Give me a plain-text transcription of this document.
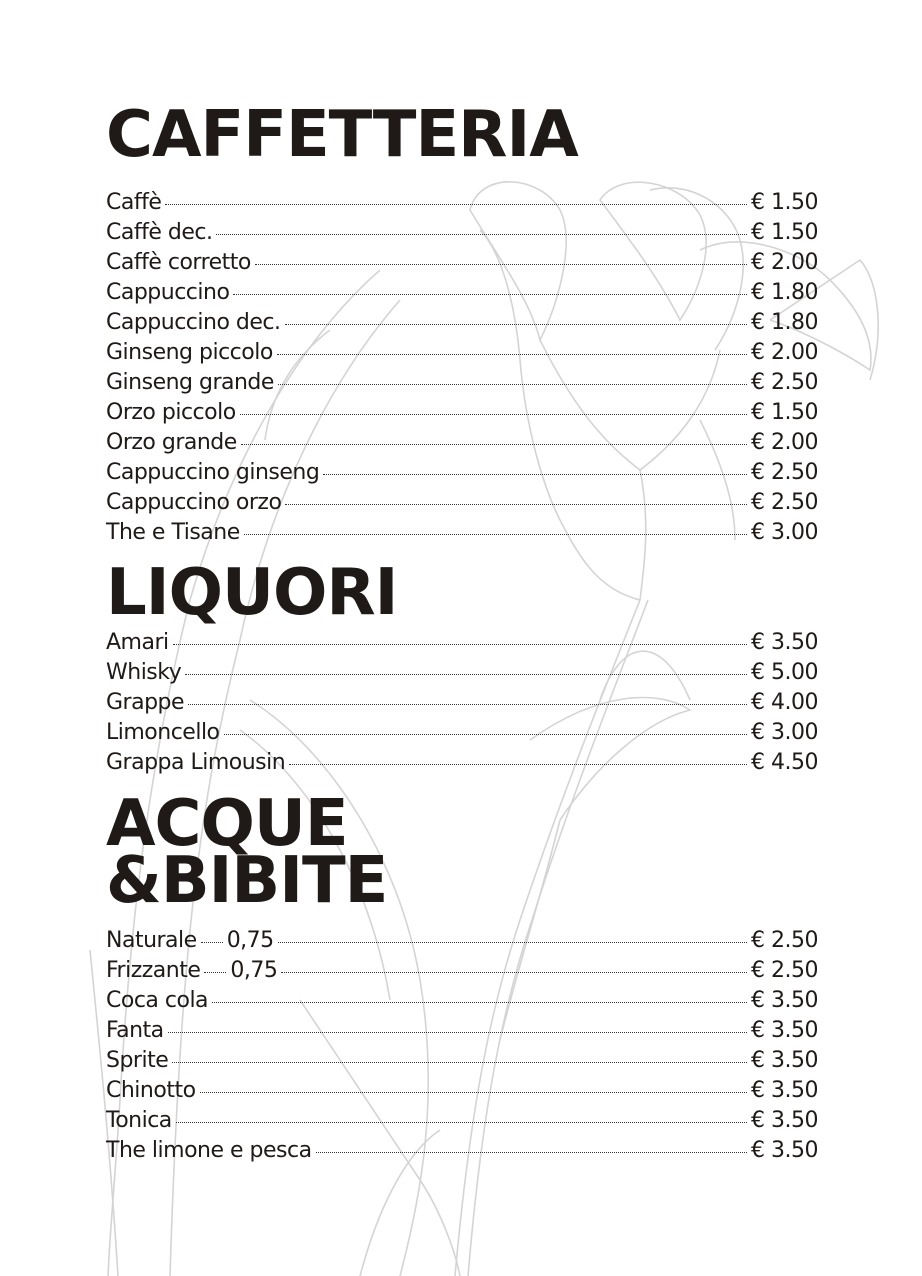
CAFFETTERIA
Caffè	€ 1.50
Caffè dec.	€ 1.50
Caffè corretto	€ 2.00
Cappuccino	€ 1.80
Cappuccino dec.	€ 1.80
Ginseng piccolo	€ 2.00
Ginseng grande	€ 2.50
Orzo piccolo	€ 1.50
Orzo grande	€ 2.00
Cappuccino ginseng	€ 2.50
Cappuccino orzo	€ 2.50
The e Tisane	€ 3.00
LIQUORI
Amari	€ 3.50
Whisky	€ 5.00
Grappe	€ 4.00
Limoncello	€ 3.00
Grappa Limousin	€ 4.50
ACQUE
&BIBITE
Naturale 0,75	€ 2.50
Frizzante 0,75	€ 2.50
Coca cola	€ 3.50
Fanta	€ 3.50
Sprite	€ 3.50
Chinotto	€ 3.50
Tonica	€ 3.50
The limone e pesca	€ 3.50
